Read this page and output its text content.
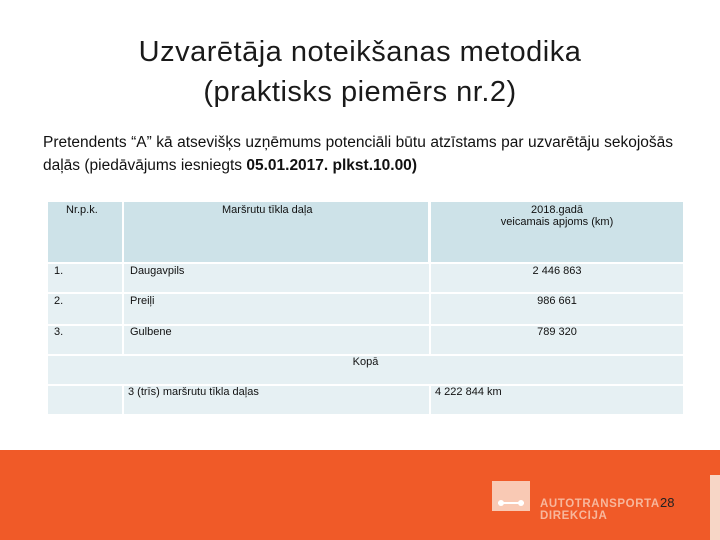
Uzvarētāja noteikšanas metodika
(praktisks piemērs nr.2)
Pretendents “A” kā atsevišķs uzņēmums potenciāli būtu atzīstams par uzvarētāju sekojošās daļās (piedāvājums iesniegts 05.01.2017. plkst.10.00)
Nr.p.k.	Maršrutu tīkla daļa	2018.gadā
veicamais apjoms (km)
1.	Daugavpils	2 446 863
2.	Preiļi	986 661
3.	Gulbene	789 320
Kopā
3 (trīs) maršrutu tīkla daļas	4 222 844 km
AUTOTRANSPORTA DIREKCIJA
28
